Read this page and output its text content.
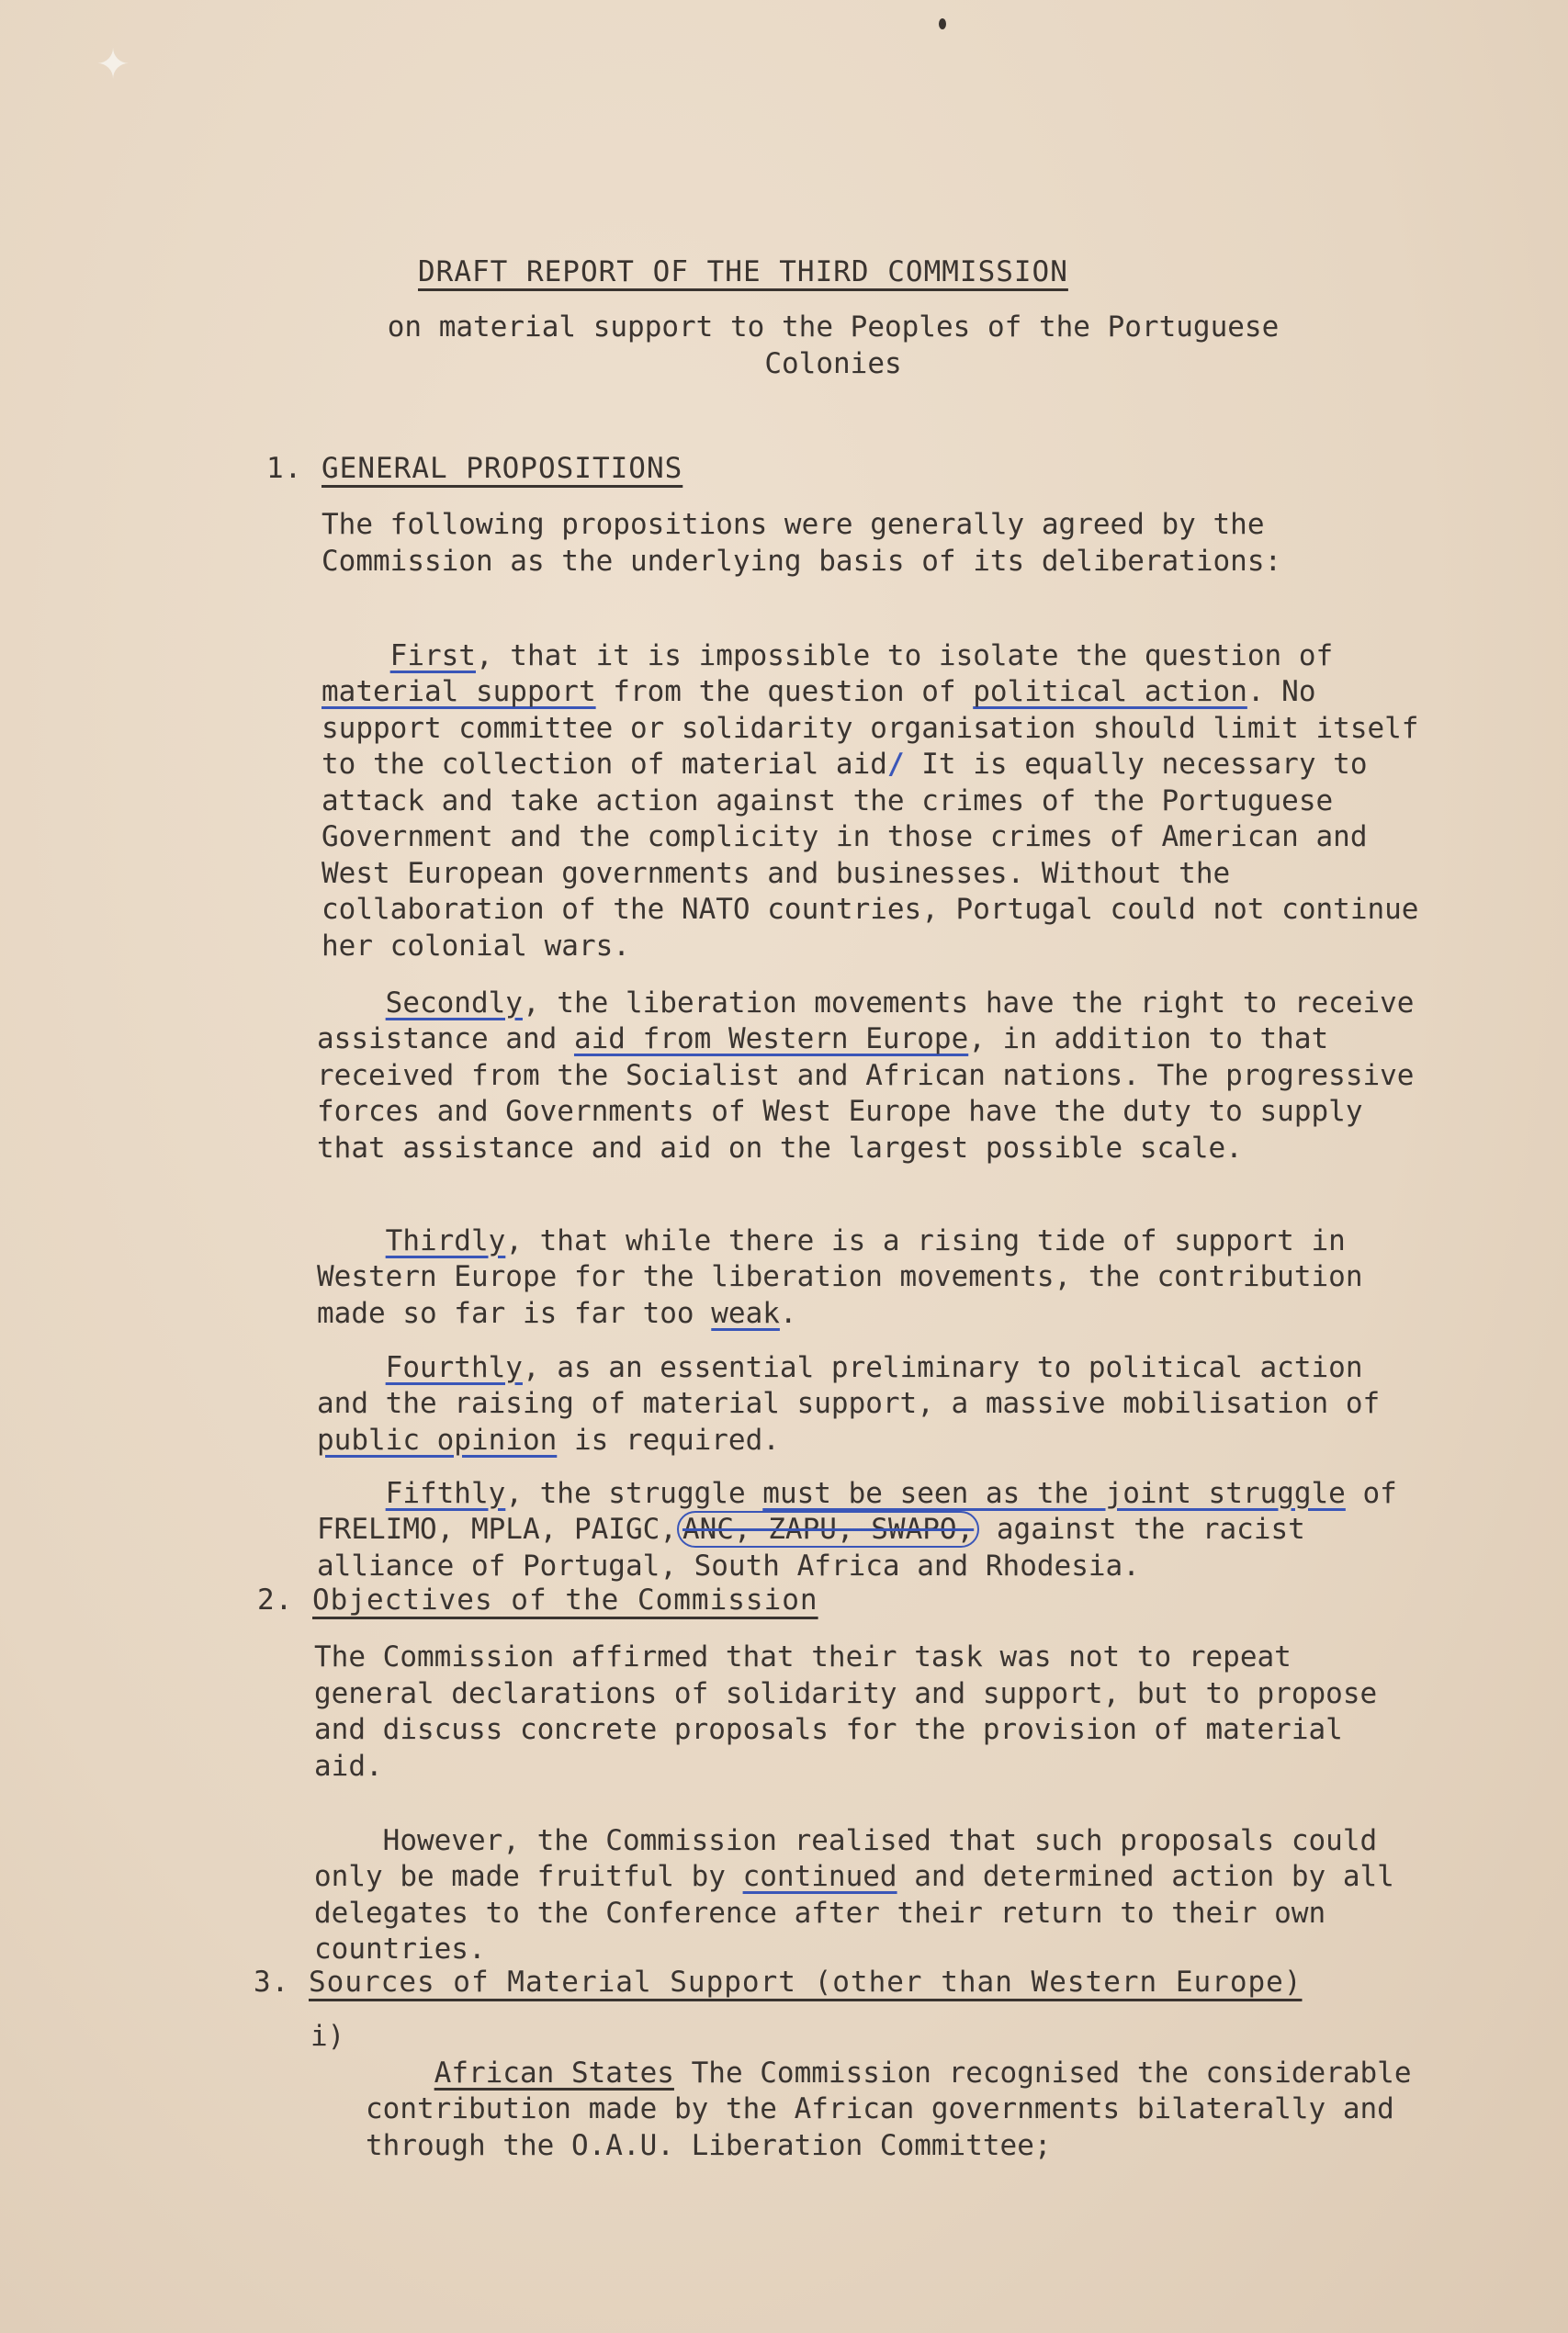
✦
DRAFT REPORT OF THE THIRD COMMISSION
on material support to the Peoples of the Portuguese
Colonies
1. GENERAL PROPOSITIONS
The following propositions were generally agreed by the Commission as the underlying basis of its deliberations:

First, that it is impossible to isolate the question of material support from the question of political action. No support committee or solidarity organisation should limit itself to the collection of material aid/ It is equally necessary to attack and take action against the crimes of the Portuguese Government and the complicity in those crimes of American and West European governments and businesses. Without the collaboration of the NATO countries, Portugal could not continue her colonial wars.

Secondly, the liberation movements have the right to receive assistance and aid from Western Europe, in addition to that received from the Socialist and African nations. The progressive forces and Governments of West Europe have the duty to supply that assistance and aid on the largest possible scale.

Thirdly, that while there is a rising tide of support in Western Europe for the liberation movements, the contribution made so far is far too weak.

Fourthly, as an essential preliminary to political action and the raising of material support, a massive mobilisation of public opinion is required.

Fifthly, the struggle must be seen as the joint struggle of FRELIMO, MPLA, PAIGC, ANC, ZAPU, SWAPO, against the racist alliance of Portugal, South Africa and Rhodesia.

2. Objectives of the Commission
The Commission affirmed that their task was not to repeat general declarations of solidarity and support, but to propose and discuss concrete proposals for the provision of material aid.

However, the Commission realised that such proposals could only be made fruitful by continued and determined action by all delegates to the Conference after their return to their own countries.

3. Sources of Material Support (other than Western Europe)
i)

African States The Commission recognised the considerable contribution made by the African governments bilaterally and through the O.A.U. Liberation Committee;
